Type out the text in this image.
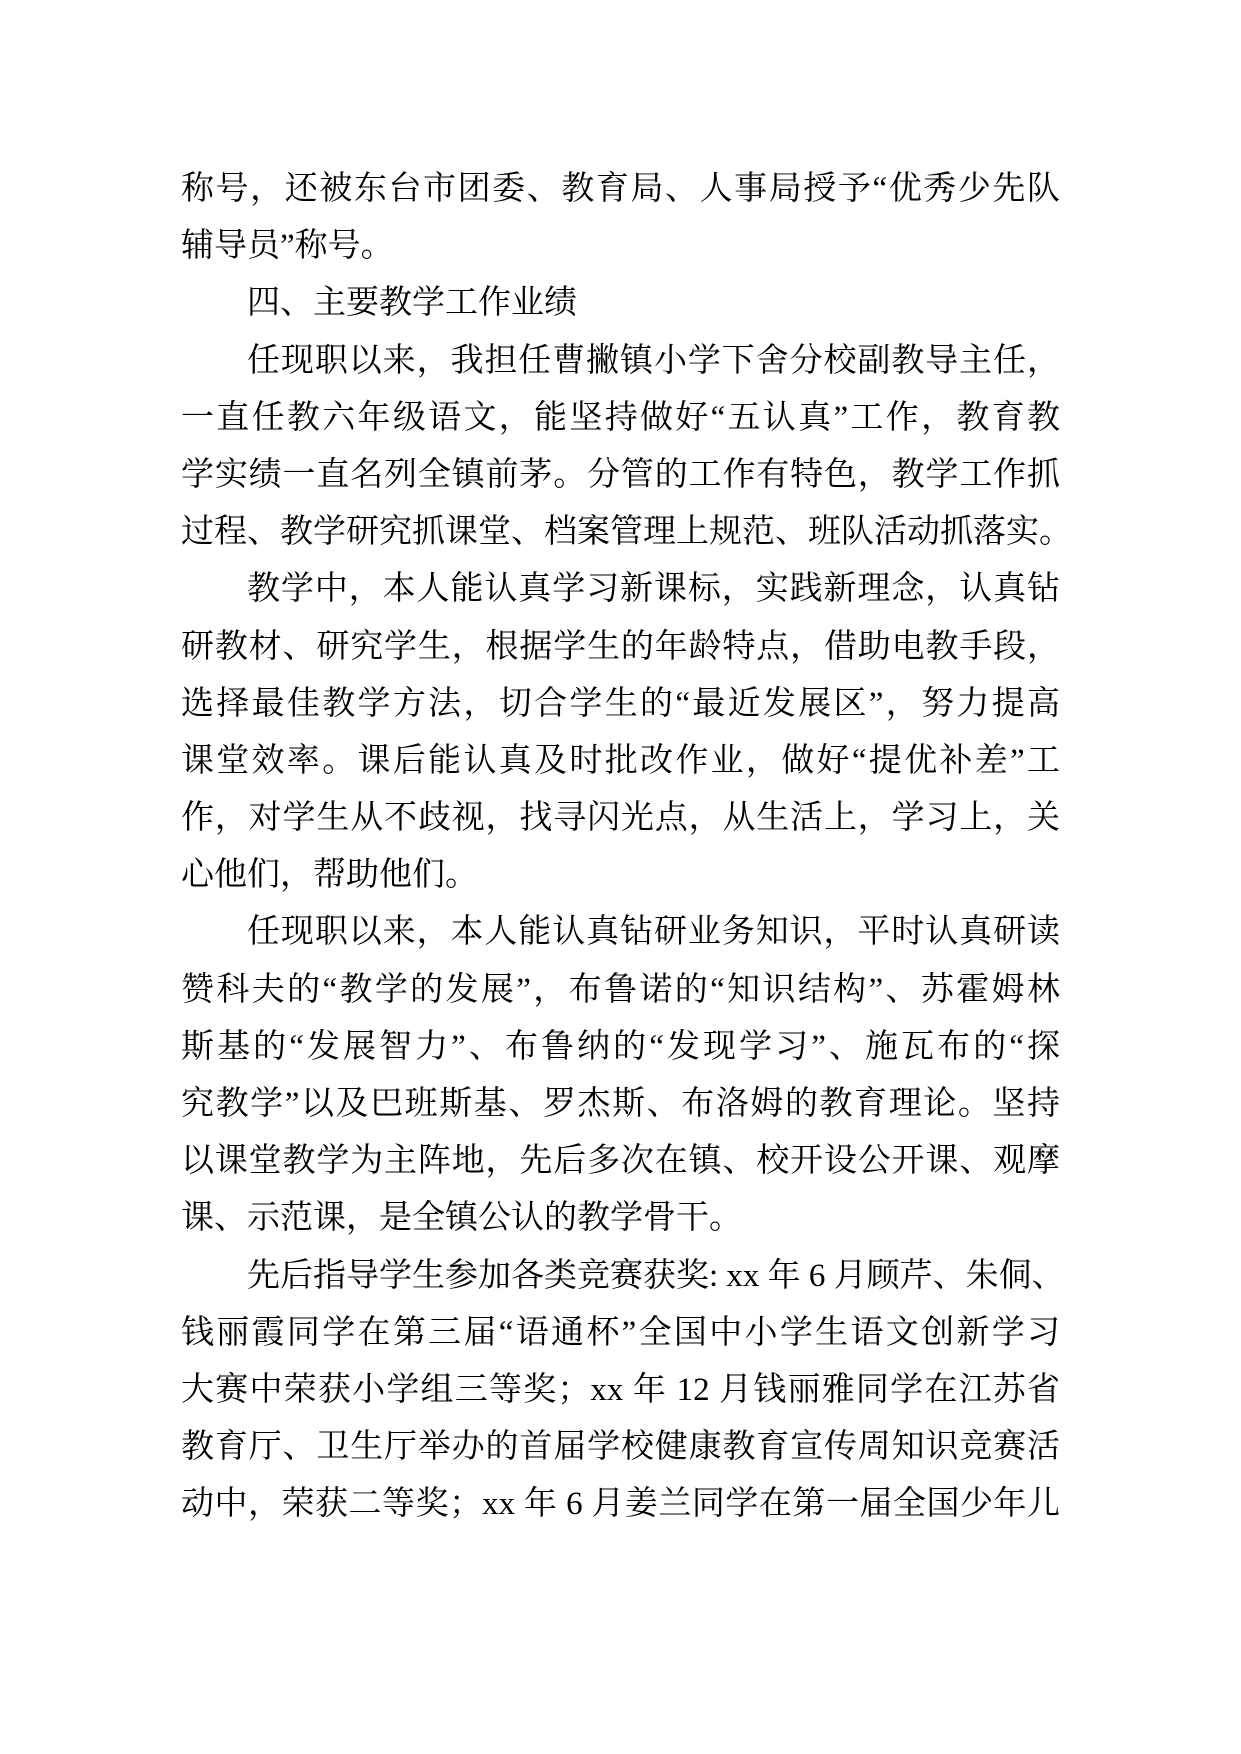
称号，还被东台市团委、教育局、人事局授予“优秀少先队
辅导员”称号。
四、主要教学工作业绩
任现职以来，我担任曹撇镇小学下舍分校副教导主任，
一直任教六年级语文，能坚持做好“五认真”工作，教育教
学实绩一直名列全镇前茅。分管的工作有特色，教学工作抓
过程、教学研究抓课堂、档案管理上规范、班队活动抓落实。
教学中，本人能认真学习新课标，实践新理念，认真钻
研教材、研究学生，根据学生的年龄特点，借助电教手段，
选择最佳教学方法，切合学生的“最近发展区”，努力提高
课堂效率。课后能认真及时批改作业，做好“提优补差”工
作，对学生从不歧视，找寻闪光点，从生活上，学习上，关
心他们，帮助他们。
任现职以来，本人能认真钻研业务知识，平时认真研读
赞科夫的“教学的发展”，布鲁诺的“知识结构”、苏霍姆林
斯基的“发展智力”、布鲁纳的“发现学习”、施瓦布的“探
究教学”以及巴班斯基、罗杰斯、布洛姆的教育理论。坚持
以课堂教学为主阵地，先后多次在镇、校开设公开课、观摩
课、示范课，是全镇公认的教学骨干。
先后指导学生参加各类竞赛获奖: xx 年 6 月顾芹、朱侗、
钱丽霞同学在第三届“语通杯”全国中小学生语文创新学习
大赛中荣获小学组三等奖；xx 年 12 月钱丽雅同学在江苏省
教育厅、卫生厅举办的首届学校健康教育宣传周知识竞赛活
动中，荣获二等奖；xx 年 6 月姜兰同学在第一届全国少年儿
